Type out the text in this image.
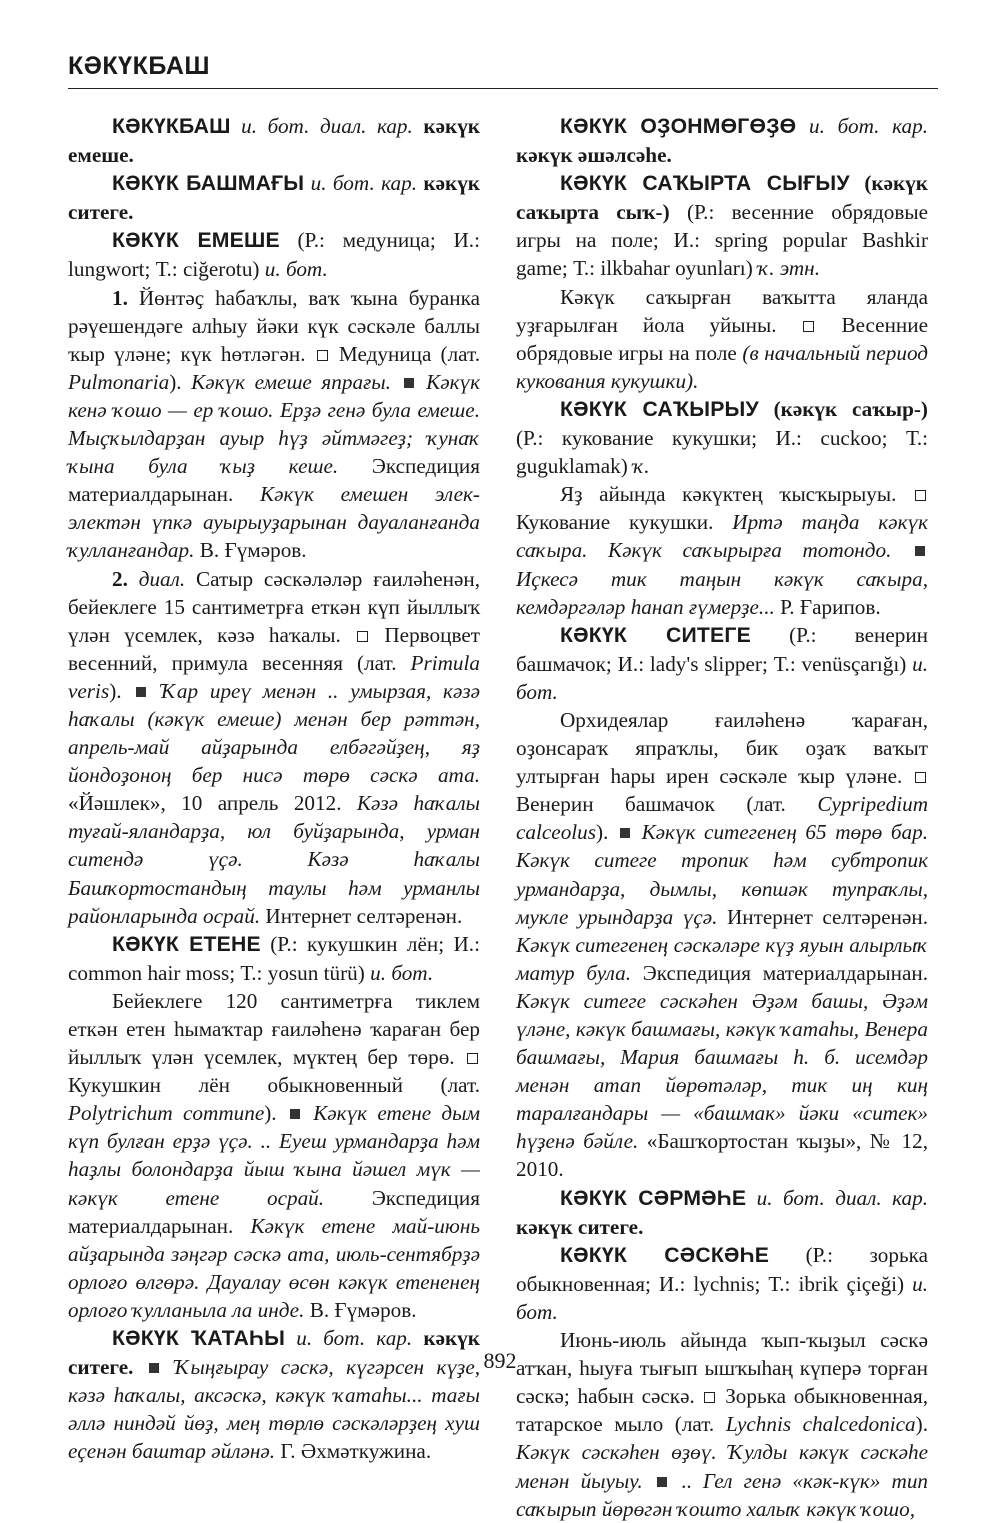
КӘКҮКБАШ

КӘКҮКБАШ и. бот. диал. кар. кәкүк емеше.

КӘКҮК БАШМАҒЫ и. бот. кар. кәкүк ситеге.

КӘКҮК ЕМЕШЕ (Р.: медуница; И.: lungwort; Т.: ciğerotu) и. бот.

1. Йөнтәҫ һабаҡлы, ваҡ ҡына буранка рәүешендәге алһыу йәки күк сәскәле баллы ҡыр үләне; күк һөтләгән.  Медуница (лат. Pulmonaria). Кәкүк емеше япрағы. Кәкүк кенә ҡошо — ер ҡошо. Ерҙә генә була емеше. Мыҫҡылдарҙан ауыр һүҙ әйтмәгеҙ; ҡунаҡ ҡына була ҡыҙ кеше. Экспедиция материалдарынан. Кәкүк емешен элек-электән үпкә ауырыуҙарынан дауаланғанда ҡулланғандар. В. Ғүмәров.

2. диал. Сатыр сәскәләләр ғаиләһенән, бейеклеге 15 сантиметрға еткән күп йыллыҡ үлән үсемлек, кәзә һаҡалы.  Первоцвет весенний, примула весенняя (лат. Primula veris).  Ҡар иреү менән .. умырзая, кәзә һаҡалы (кәкүк емеше) менән бер рәттән, апрель-май айҙарында елбәгәйҙең, яҙ йондоҙоноң бер нисә төрө сәскә ата. «Йәшлек», 10 апрель 2012. Кәзә һаҡалы туғай-яландарҙа, юл буйҙарында, урман ситендә үҫә. Кәзә һаҡалы Башҡортостандың таулы һәм урманлы районларында осрай. Интернет селтәренән.

КӘКҮК ЕТЕНЕ (Р.: кукушкин лён; И.: common hair moss; Т.: yosun türü) и. бот.

Бейеклеге 120 сантиметрға тиклем еткән етен һымаҡтар ғаиләһенә ҡараған бер йыллыҡ үлән үсемлек, мүктең бер төрө.  Кукушкин лён обыкновенный (лат. Polytrichum commune).  Кәкүк етене дым күп булған ерҙә үҫә. .. Еуеш урмандарҙа һәм һаҙлы болондарҙа йыш ҡына йәшел мүк — кәкүк етене осрай. Экспедиция материалдарынан. Кәкүк етене май-июнь айҙарында зәңгәр сәскә ата, июль-сентябрҙә орлоғо өлгөрә. Дауалау өсөн кәкүк етененең орлоғо ҡулланыла ла инде. В. Ғүмәров.

КӘКҮК ҠАТАҺЫ и. бот. кар. кәкүк ситеге. Ҡыңғырау сәскә, күгәрсен күҙе, кәзә һаҡалы, аксәскә, кәкүк ҡатаһы... тағы әллә ниндәй йөҙ, мең төрлө сәскәләрҙең хуш еҫенән баштар әйләнә. Г. Әхмәткужина.

КӘКҮК ОҘОНМӨГӨҘӨ и. бот. кар. кәкүк әшәлсәһе.

КӘКҮК САҠЫРТА СЫҒЫУ (кәкүк саҡырта сыҡ-) (Р.: весенние обрядовые игры на поле; И.: spring popular Bashkir game; Т.: ilkbahar oyunları) ҡ. этн.

Кәкүк саҡырған ваҡытта яланда уҙғарылған йола уйыны.  Весенние обрядовые игры на поле (в начальный период кукования кукушки).

КӘКҮК САҠЫРЫУ (кәкүк саҡыр-) (Р.: кукование кукушки; И.: cuckoo; Т.: guguklamak) ҡ.

Яҙ айында кәкүктең ҡысҡырыуы.  Кукование кукушки. Иртә таңда кәкүк саҡыра. Кәкүк саҡырырға тотондо.  Иҫкесә тик таңын кәкүк саҡыра, кемдәргәләр һанап ғүмерҙе... Р. Ғарипов.

КӘКҮК СИТЕГЕ (Р.: венерин башмачок; И.: lady's slipper; Т.: venüsçarığı) и. бот.

Орхидеялар ғаиләһенә ҡараған, оҙонсараҡ япраҡлы, бик оҙаҡ ваҡыт ултырған һары ирен сәскәле ҡыр үләне.  Венерин башмачок (лат. Cypripedium calceolus).  Кәкүк ситегенең 65 төрө бар. Кәкүк ситеге тропик һәм субтропик урмандарҙа, дымлы, көпшәк тупраҡлы, мукле урындарҙа үҫә. Интернет селтәренән. Кәкүк ситегенең сәскәләре күҙ яуын алырлыҡ матур була. Экспедиция материалдарынан. Кәкүк ситеге сәскәһен Әҙәм башы, Әҙәм үләне, кәкүк башмағы, кәкүк ҡатаһы, Венера башмағы, Мария башмағы һ. б. исемдәр менән атап йөрөтәләр, тик иң киң таралғандары — «башмак» йәки «ситек» һүҙенә бәйле. «Башҡортостан ҡыҙы», № 12, 2010.

КӘКҮК СӘРМӘҺЕ и. бот. диал. кар. кәкүк ситеге.

КӘКҮК СӘСКӘҺЕ (Р.: зорька обыкновенная; И.: lychnis; Т.: ibrik çiçeği) и. бот.

Июнь-июль айында ҡып-ҡыҙыл сәскә атҡан, һыуға тығып ышҡыһаң күперә торған сәскә; һабын сәскә.  Зорька обыкновенная, татарское мыло (лат. Lychnis chalcedonica). Кәкүк сәскәһен өҙөү. Ҡулды кәкүк сәскәһе менән йыуыу.  .. Гел генә «кәк-күк» тип саҡырып йөрөгән ҡошто халыҡ кәкүк ҡошо,

892
